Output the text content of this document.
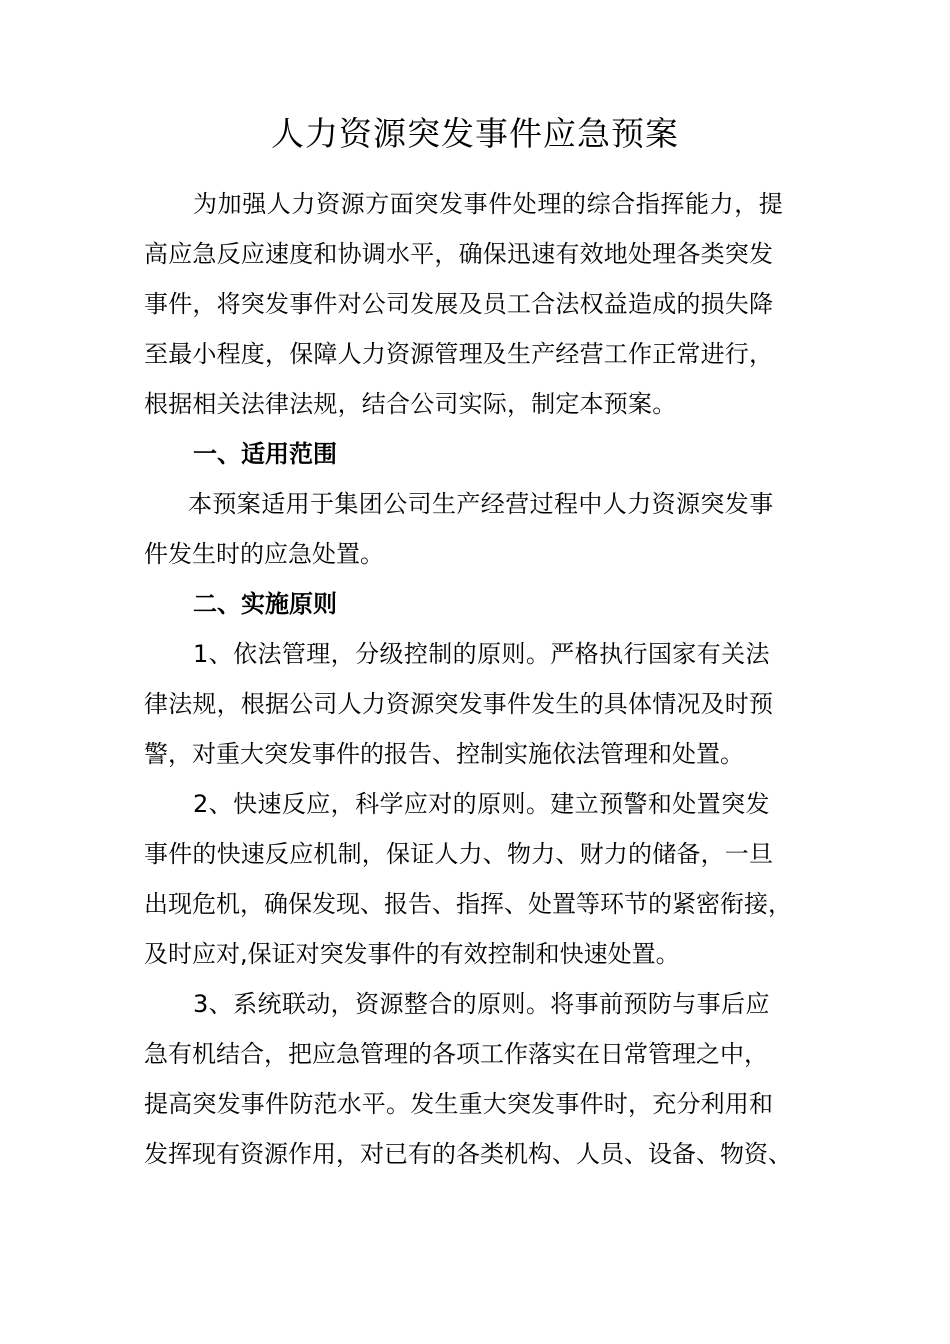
人力资源突发事件应急预案
为加强人力资源方面突发事件处理的综合指挥能力，提
高应急反应速度和协调水平，确保迅速有效地处理各类突发
事件，将突发事件对公司发展及员工合法权益造成的损失降
至最小程度，保障人力资源管理及生产经营工作正常进行，
根据相关法律法规，结合公司实际，制定本预案。
一、适用范围
本预案适用于集团公司生产经营过程中人力资源突发事
件发生时的应急处置。
二、实施原则
1、依法管理，分级控制的原则。严格执行国家有关法
律法规，根据公司人力资源突发事件发生的具体情况及时预
警，对重大突发事件的报告、控制实施依法管理和处置。
2、快速反应，科学应对的原则。建立预警和处置突发
事件的快速反应机制，保证人力、物力、财力的储备，一旦
出现危机，确保发现、报告、指挥、处置等环节的紧密衔接，
及时应对,保证对突发事件的有效控制和快速处置。
3、系统联动，资源整合的原则。将事前预防与事后应
急有机结合，把应急管理的各项工作落实在日常管理之中，
提高突发事件防范水平。发生重大突发事件时，充分利用和
发挥现有资源作用，对已有的各类机构、人员、设备、物资、
